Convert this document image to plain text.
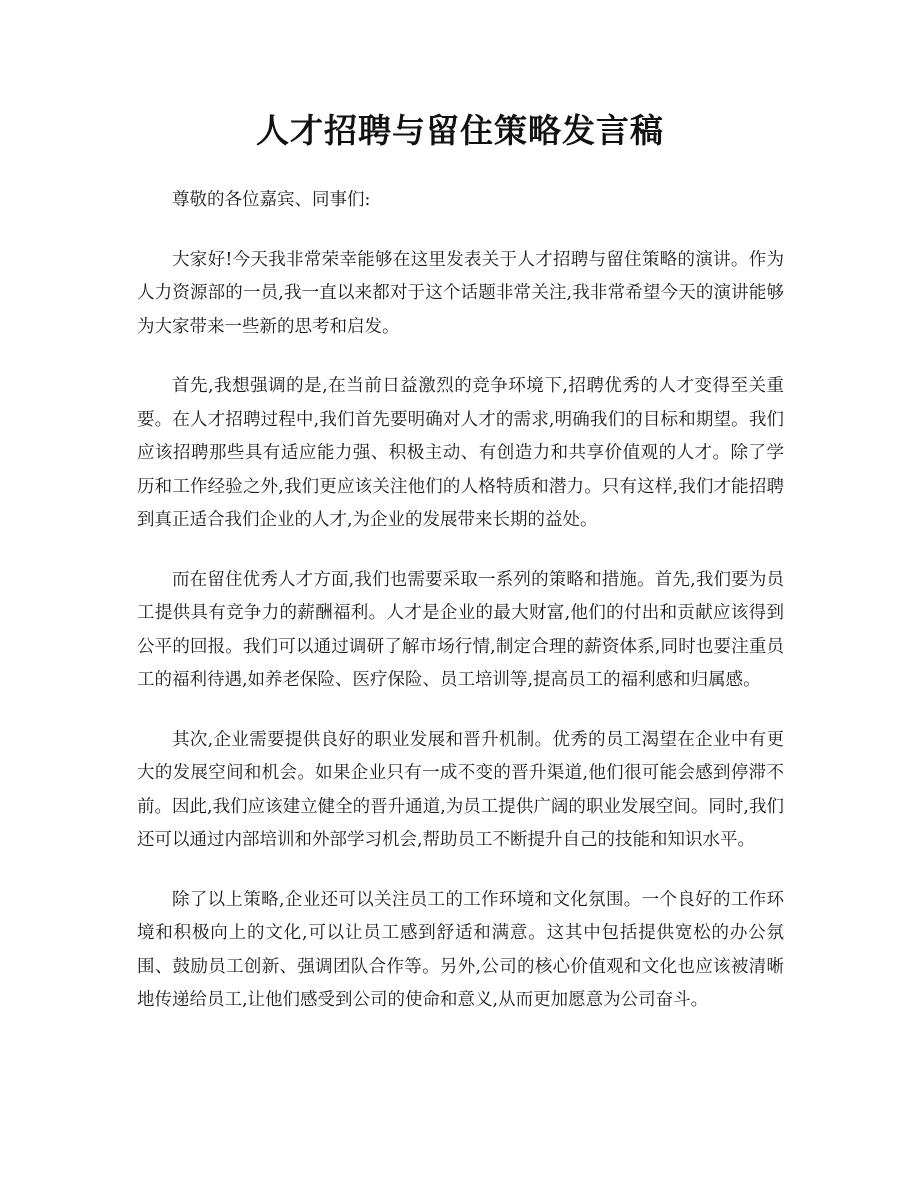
人才招聘与留住策略发言稿

尊敬的各位嘉宾、同事们:

大家好!今天我非常荣幸能够在这里发表关于人才招聘与留住策略的演讲。作为人力资源部的一员,我一直以来都对于这个话题非常关注,我非常希望今天的演讲能够为大家带来一些新的思考和启发。

首先,我想强调的是,在当前日益激烈的竞争环境下,招聘优秀的人才变得至关重要。在人才招聘过程中,我们首先要明确对人才的需求,明确我们的目标和期望。我们应该招聘那些具有适应能力强、积极主动、有创造力和共享价值观的人才。除了学历和工作经验之外,我们更应该关注他们的人格特质和潜力。只有这样,我们才能招聘到真正适合我们企业的人才,为企业的发展带来长期的益处。

而在留住优秀人才方面,我们也需要采取一系列的策略和措施。首先,我们要为员工提供具有竞争力的薪酬福利。人才是企业的最大财富,他们的付出和贡献应该得到公平的回报。我们可以通过调研了解市场行情,制定合理的薪资体系,同时也要注重员工的福利待遇,如养老保险、医疗保险、员工培训等,提高员工的福利感和归属感。

其次,企业需要提供良好的职业发展和晋升机制。优秀的员工渴望在企业中有更大的发展空间和机会。如果企业只有一成不变的晋升渠道,他们很可能会感到停滞不前。因此,我们应该建立健全的晋升通道,为员工提供广阔的职业发展空间。同时,我们还可以通过内部培训和外部学习机会,帮助员工不断提升自己的技能和知识水平。

除了以上策略,企业还可以关注员工的工作环境和文化氛围。一个良好的工作环境和积极向上的文化,可以让员工感到舒适和满意。这其中包括提供宽松的办公氛围、鼓励员工创新、强调团队合作等。另外,公司的核心价值观和文化也应该被清晰地传递给员工,让他们感受到公司的使命和意义,从而更加愿意为公司奋斗。
